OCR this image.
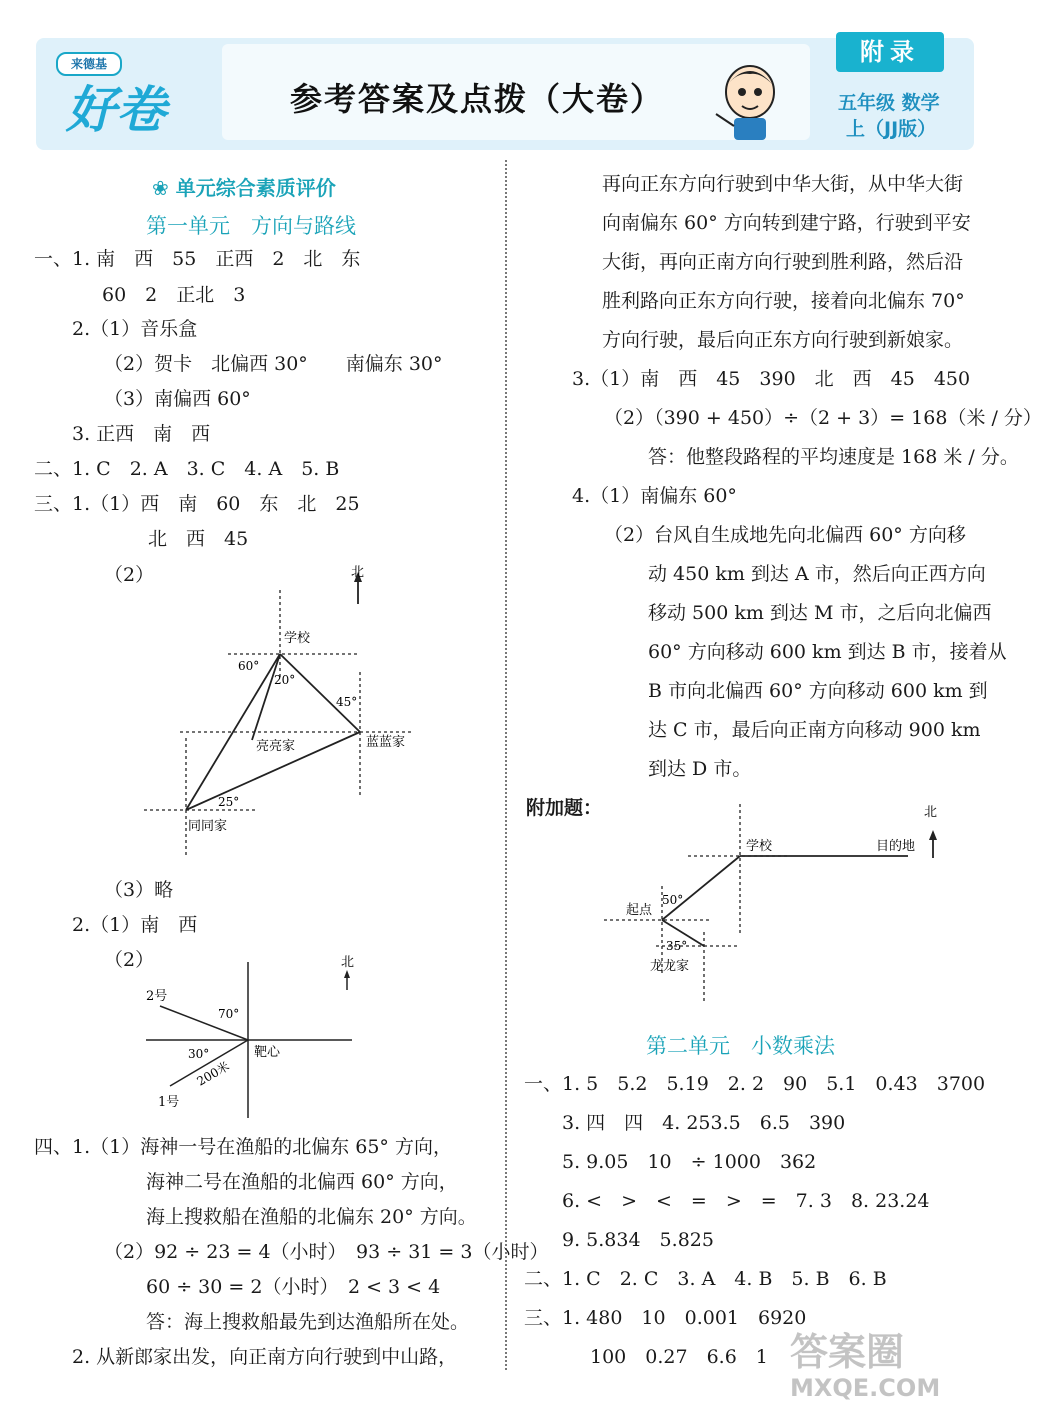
来德基
好卷	参考答案及点拨（大卷）
附录
五年级 数学
上（JJ版）
❀ 单元综合素质评价
第一单元　方向与路线
一、1. 南　西　55　正西　2　北　东
60　2　正北　3
2.（1）音乐盒
（2）贺卡　北偏西 30°　　南偏东 30°
（3）南偏西 60°
3. 正西　南　西
二、1. C　2. A　3. C　4. A　5. B
三、1.（1）西　南　60　东　北　25
北　西　45
（2）	北
学校
亮亮家	蓝蓝家
同同家
60°
20°
45°
25°
（3）略
2.（1）南　西
（2）	北
2号
1号
靶心
70°
30°
200米
四、1.（1）海神一号在渔船的北偏东 65° 方向，
海神二号在渔船的北偏西 60° 方向，
海上搜救船在渔船的北偏东 20° 方向。
（2）92 ÷ 23 = 4（小时）　93 ÷ 31 = 3（小时）
60 ÷ 30 = 2（小时）　2 < 3 < 4
答：海上搜救船最先到达渔船所在处。
2. 从新郎家出发，向正南方向行驶到中山路，
再向正东方向行驶到中华大街，从中华大街
向南偏东 60° 方向转到建宁路，行驶到平安
大街，再向正南方向行驶到胜利路，然后沿
胜利路向正东方向行驶，接着向北偏东 70°
方向行驶，最后向正东方向行驶到新娘家。
3.（1）南　西　45　390　北　西　45　450
（2）（390 + 450）÷（2 + 3）= 168（米 / 分）
答：他整段路程的平均速度是 168 米 / 分。
4.（1）南偏东 60°
（2）台风自生成地先向北偏西 60° 方向移
动 450 km 到达 A 市，然后向正西方向
移动 500 km 到达 M 市，之后向北偏西
60° 方向移动 600 km 到达 B 市，接着从
B 市向北偏西 60° 方向移动 600 km 到
达 C 市，最后向正南方向移动 900 km
到达 D 市。
附加题：	北
学校	目的地
起点
龙龙家
50°
35°
第二单元　小数乘法
一、1. 5　5.2　5.19　2. 2　90　5.1　0.43　3700
3. 四　四　4. 253.5　6.5　390
5. 9.05　10　÷ 1000　362
6. <　>　<　=　>　=　7. 3　8. 23.24
9. 5.834　5.825
二、1. C　2. C　3. A　4. B　5. B　6. B
三、1. 480　10　0.001　6920
100　0.27　6.6　1 答案圈
MXQE.COM
